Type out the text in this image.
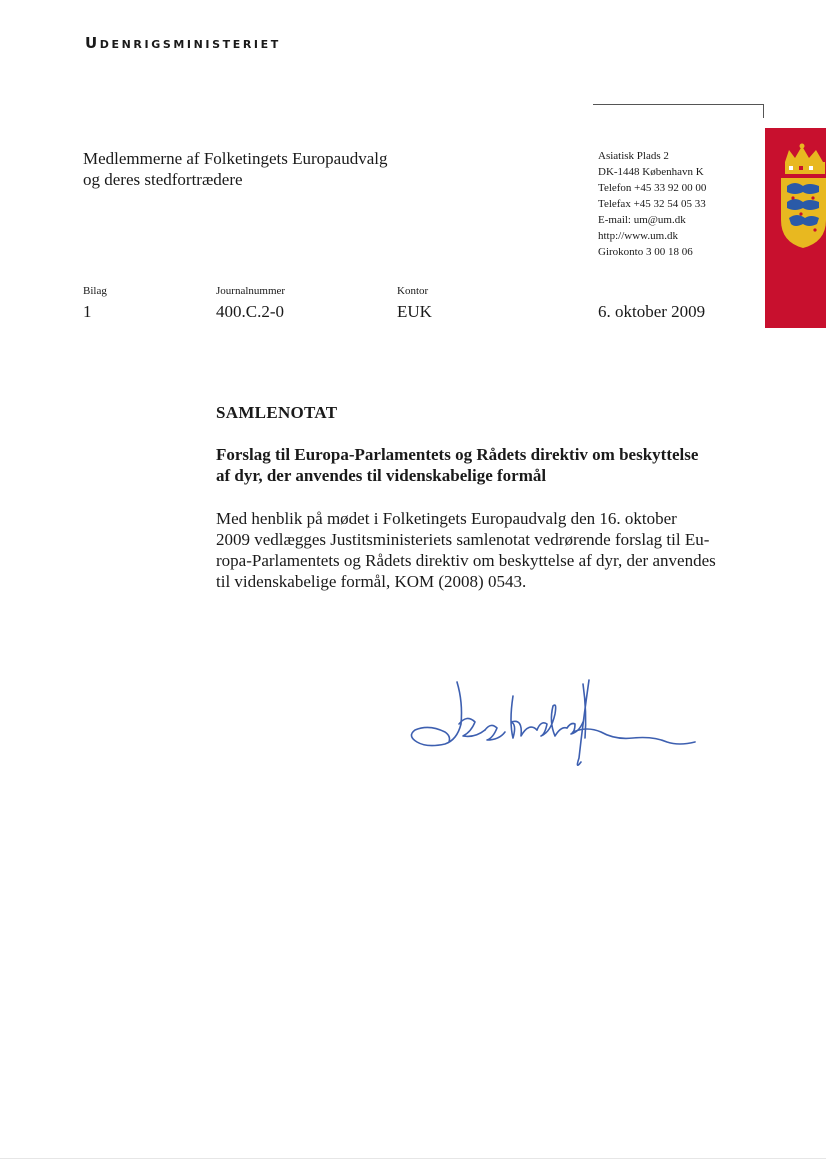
Udenrigsministeriet
Medlemmerne af Folketingets Europaudvalg
og deres stedfortrædere
Asiatisk Plads 2
DK-1448 København K
Telefon +45 33 92 00 00
Telefax +45 32 54 05 33
E-mail: um@um.dk
http://www.um.dk
Girokonto 3 00 18 06
Bilag
1
Journalnummer
400.C.2-0
Kontor
EUK	6. oktober 2009
SAMLENOTAT
Forslag til Europa-Parlamentets og Rådets direktiv om beskyttelse
af dyr, der anvendes til videnskabelige formål
Med henblik på mødet i Folketingets Europaudvalg den 16. oktober
2009 vedlægges Justitsministeriets samlenotat vedrørende forslag til Eu-
ropa-Parlamentets og Rådets direktiv om beskyttelse af dyr, der anvendes
til videnskabelige formål, KOM (2008) 0543.
